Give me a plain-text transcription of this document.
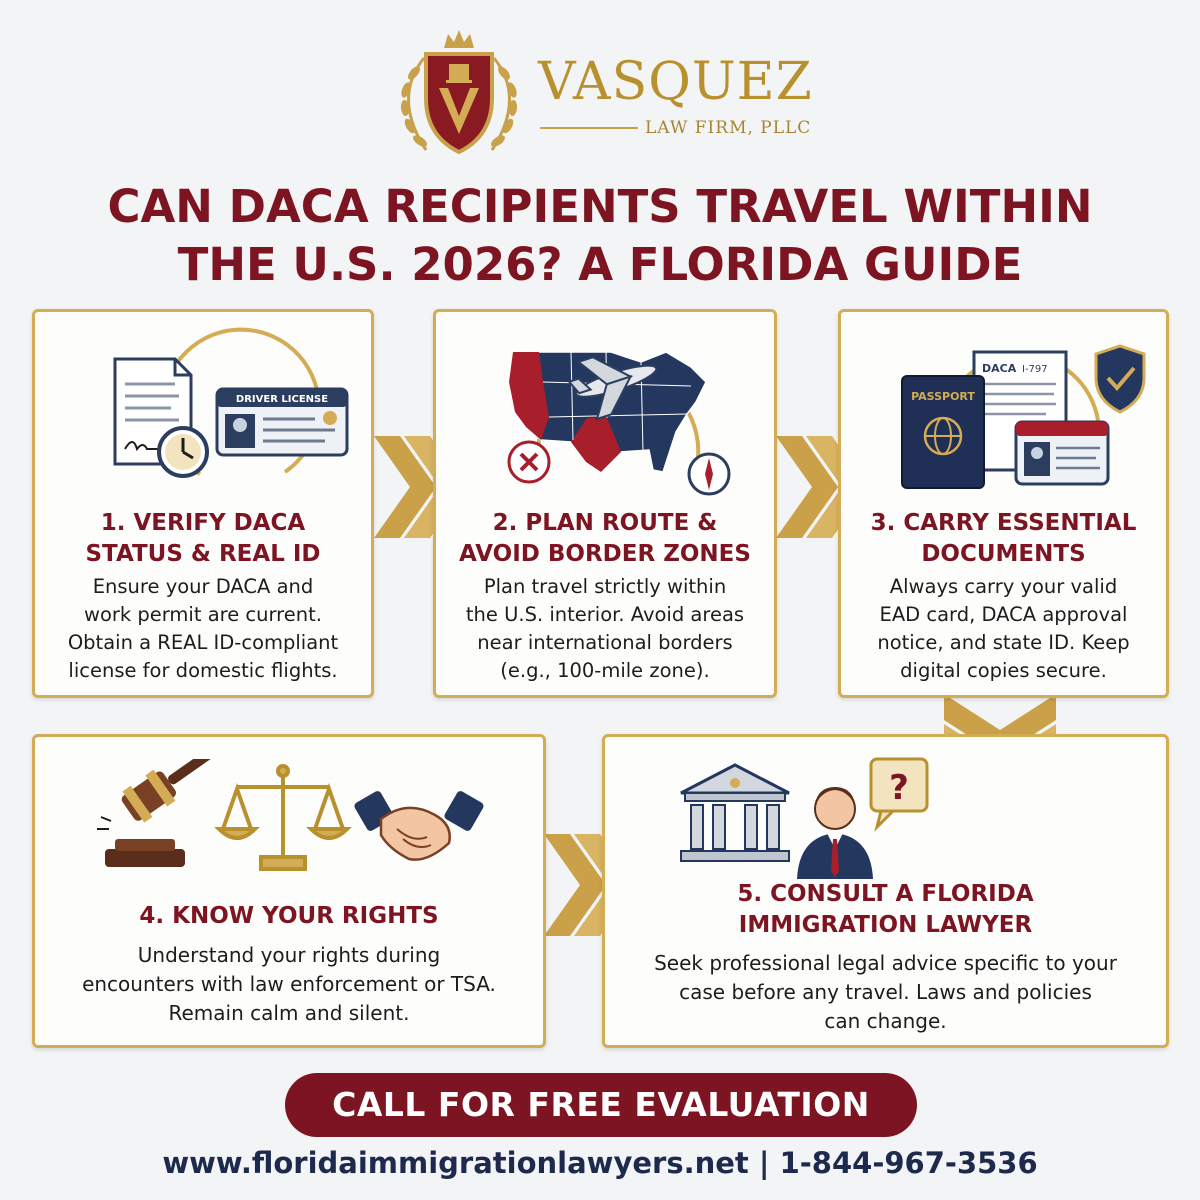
VASQUEZ
LAW FIRM, PLLC
CAN DACA RECIPIENTS TRAVEL WITHIN
THE U.S. 2026? A FLORIDA GUIDE
DRIVER LICENSE
1. VERIFY DACA
STATUS & REAL ID
Ensure your DACA and
work permit are current.
Obtain a REAL ID-compliant
license for domestic flights.
2. PLAN ROUTE &
AVOID BORDER ZONES
Plan travel strictly within
the U.S. interior. Avoid areas
near international borders
(e.g., 100-mile zone).
DACA I-797
PASSPORT
3. CARRY ESSENTIAL
DOCUMENTS
Always carry your valid
EAD card, DACA approval
notice, and state ID. Keep
digital copies secure.
4. KNOW YOUR RIGHTS
Understand your rights during
encounters with law enforcement or TSA.
Remain calm and silent.
?
5. CONSULT A FLORIDA
IMMIGRATION LAWYER
Seek professional legal advice specific to your
case before any travel. Laws and policies
can change.
CALL FOR FREE EVALUATION
www.floridaimmigrationlawyers.net | 1-844-967-3536
